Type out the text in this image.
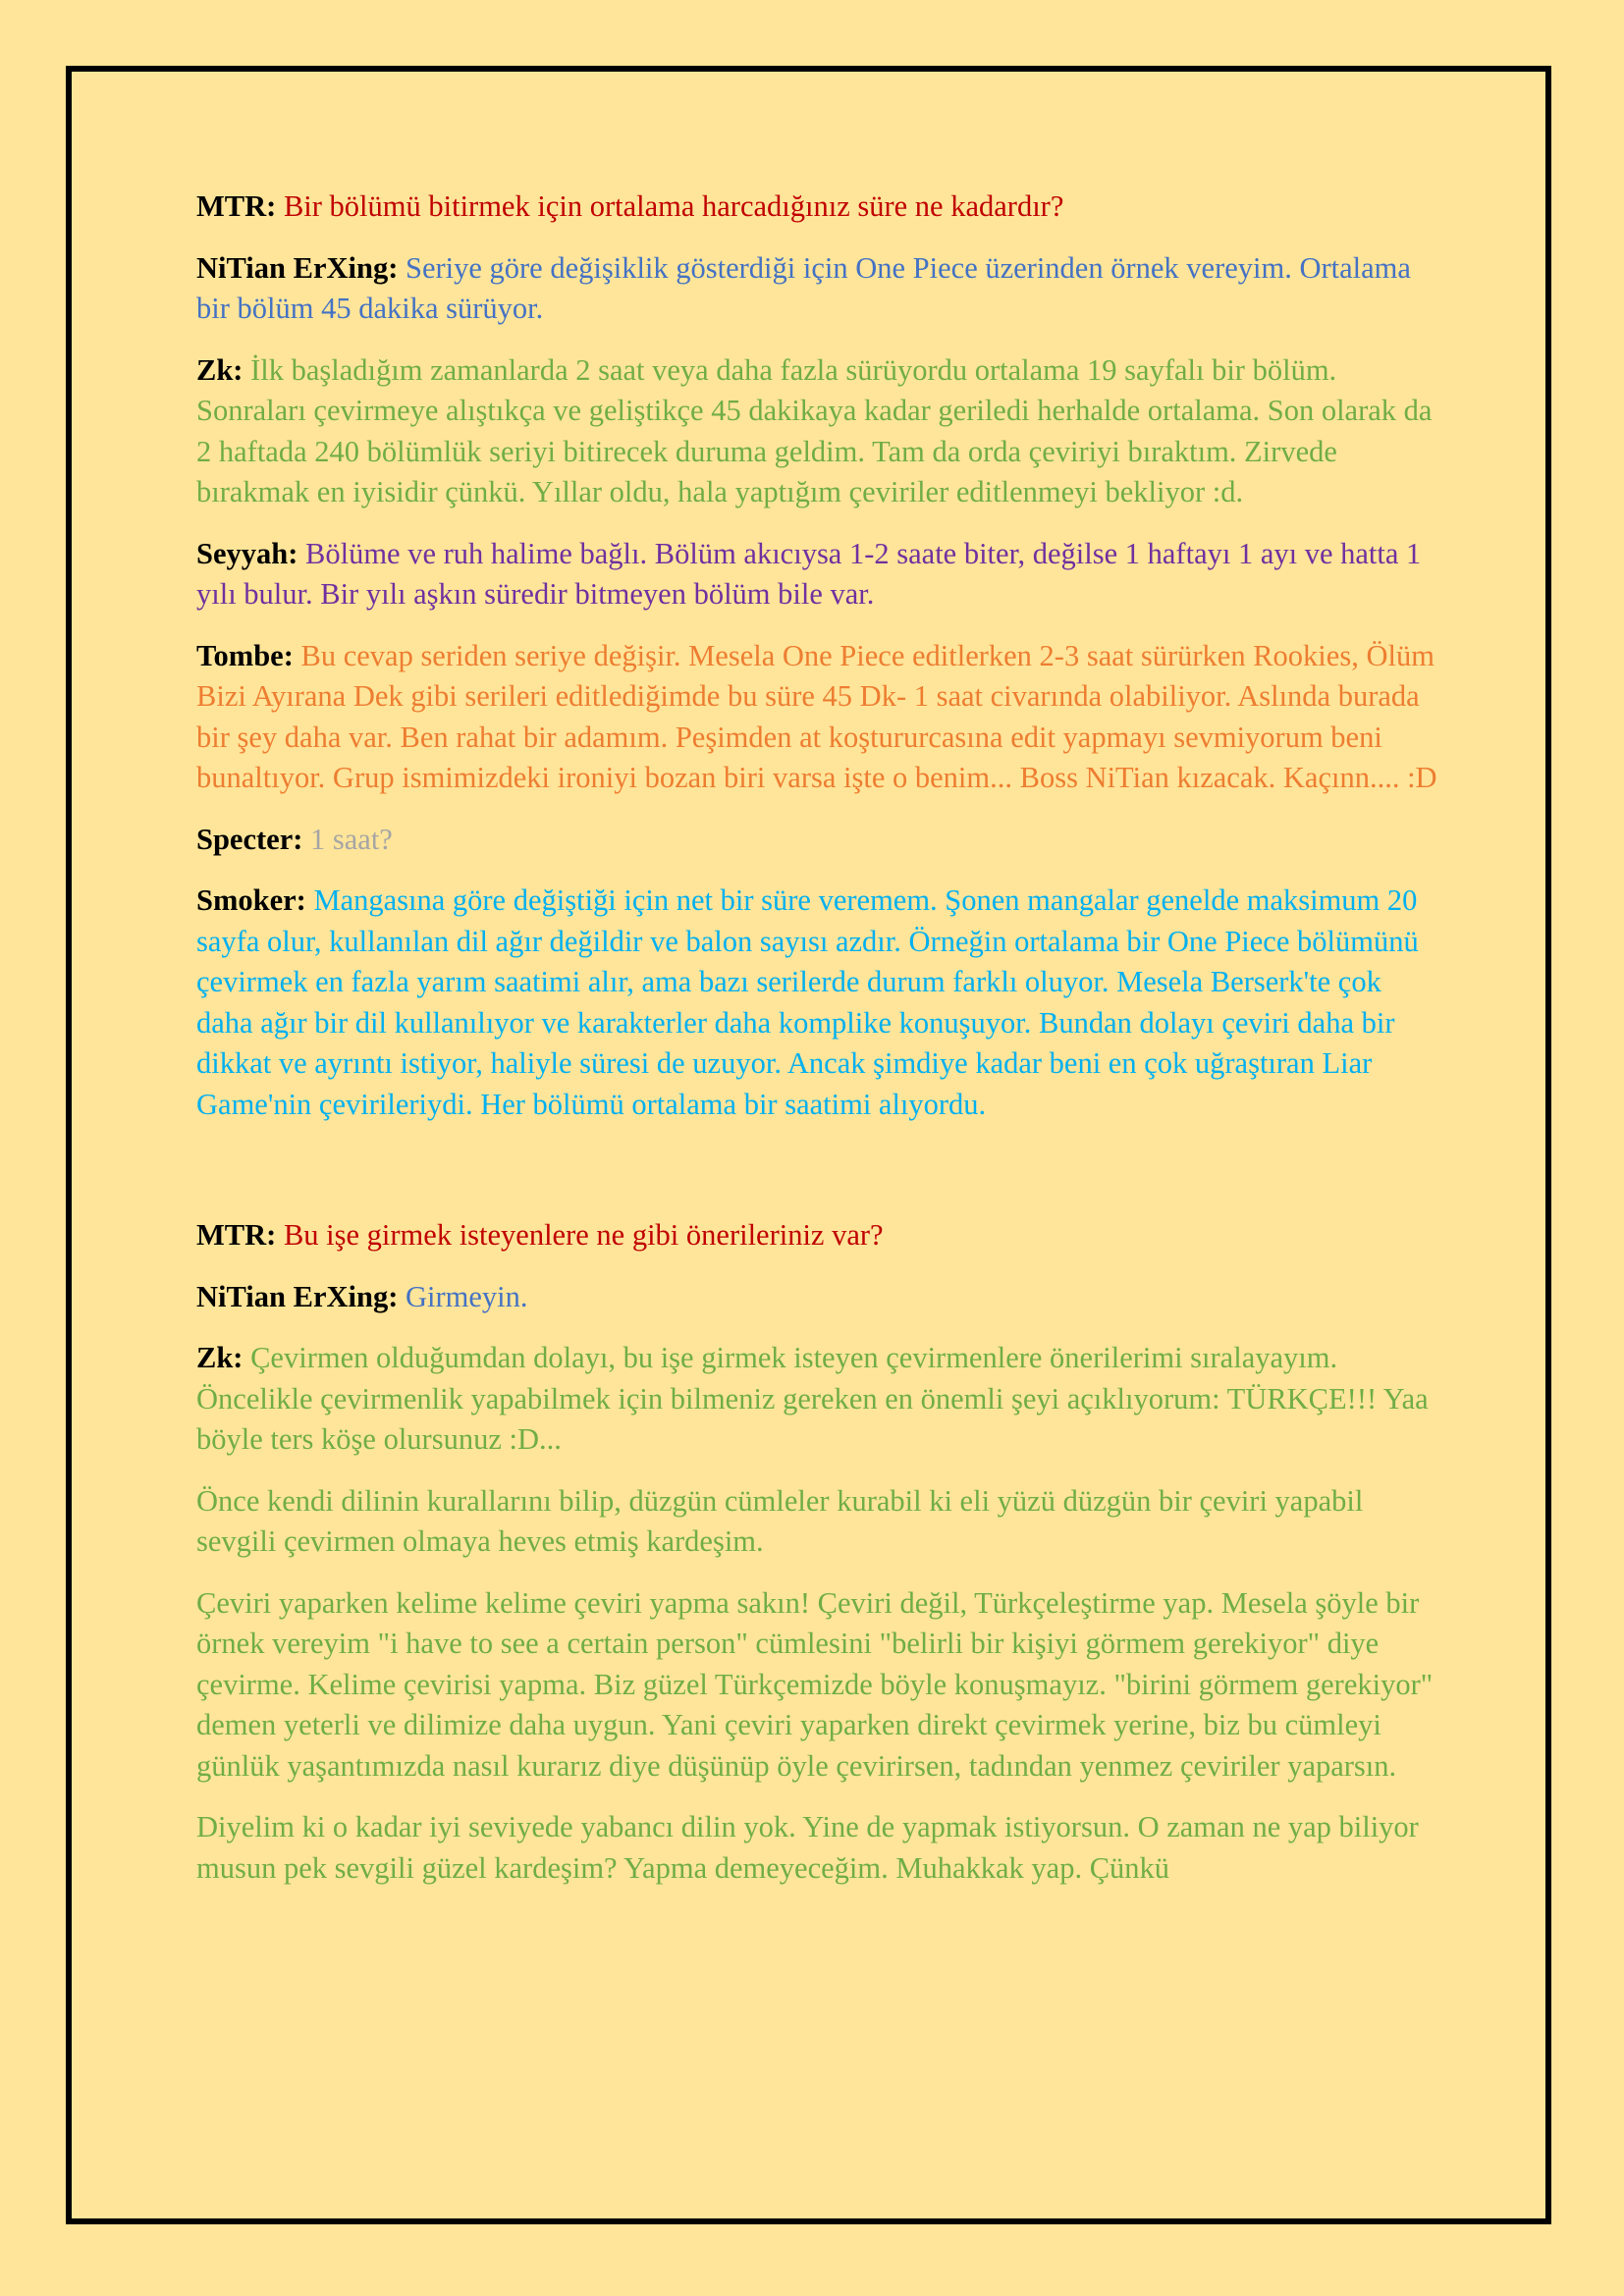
MTR: Bir bölümü bitirmek için ortalama harcadığınız süre ne kadardır?

NiTian ErXing: Seriye göre değişiklik gösterdiği için One Piece üzerinden örnek vereyim. Ortalama bir bölüm 45 dakika sürüyor.

Zk: İlk başladığım zamanlarda 2 saat veya daha fazla sürüyordu ortalama 19 sayfalı bir bölüm. Sonraları çevirmeye alıştıkça ve geliştikçe 45 dakikaya kadar geriledi herhalde ortalama. Son olarak da 2 haftada 240 bölümlük seriyi bitirecek duruma geldim. Tam da orda çeviriyi bıraktım. Zirvede bırakmak en iyisidir çünkü. Yıllar oldu, hala yaptığım çeviriler editlenmeyi bekliyor :d.

Seyyah: Bölüme ve ruh halime bağlı. Bölüm akıcıysa 1-2 saate biter, değilse 1 haftayı 1 ayı ve hatta 1 yılı bulur. Bir yılı aşkın süredir bitmeyen bölüm bile var.

Tombe: Bu cevap seriden seriye değişir. Mesela One Piece editlerken 2-3 saat sürürken Rookies, Ölüm Bizi Ayırana Dek gibi serileri editlediğimde bu süre 45 Dk- 1 saat civarında olabiliyor. Aslında burada bir şey daha var. Ben rahat bir adamım. Peşimden at koştururcasına edit yapmayı sevmiyorum beni bunaltıyor. Grup ismimizdeki ironiyi bozan biri varsa işte o benim... Boss NiTian kızacak. Kaçınn.... :D

Specter: 1 saat?

Smoker: Mangasına göre değiştiği için net bir süre veremem. Şonen mangalar genelde maksimum 20 sayfa olur, kullanılan dil ağır değildir ve balon sayısı azdır. Örneğin ortalama bir One Piece bölümünü çevirmek en fazla yarım saatimi alır, ama bazı serilerde durum farklı oluyor. Mesela Berserk'te çok daha ağır bir dil kullanılıyor ve karakterler daha komplike konuşuyor. Bundan dolayı çeviri daha bir dikkat ve ayrıntı istiyor, haliyle süresi de uzuyor. Ancak şimdiye kadar beni en çok uğraştıran Liar Game'nin çevirileriydi. Her bölümü ortalama bir saatimi alıyordu.

MTR: Bu işe girmek isteyenlere ne gibi önerileriniz var?

NiTian ErXing: Girmeyin.

Zk: Çevirmen olduğumdan dolayı, bu işe girmek isteyen çevirmenlere önerilerimi sıralayayım. Öncelikle çevirmenlik yapabilmek için bilmeniz gereken en önemli şeyi açıklıyorum: TÜRKÇE!!! Yaa böyle ters köşe olursunuz :D...

Önce kendi dilinin kurallarını bilip, düzgün cümleler kurabil ki eli yüzü düzgün bir çeviri yapabil sevgili çevirmen olmaya heves etmiş kardeşim.

Çeviri yaparken kelime kelime çeviri yapma sakın! Çeviri değil, Türkçeleştirme yap. Mesela şöyle bir örnek vereyim "i have to see a certain person" cümlesini "belirli bir kişiyi görmem gerekiyor" diye çevirme. Kelime çevirisi yapma. Biz güzel Türkçemizde böyle konuşmayız. "birini görmem gerekiyor" demen yeterli ve dilimize daha uygun. Yani çeviri yaparken direkt çevirmek yerine, biz bu cümleyi günlük yaşantımızda nasıl kurarız diye düşünüp öyle çevirirsen, tadından yenmez çeviriler yaparsın.

Diyelim ki o kadar iyi seviyede yabancı dilin yok. Yine de yapmak istiyorsun. O zaman ne yap biliyor musun pek sevgili güzel kardeşim? Yapma demeyeceğim. Muhakkak yap. Çünkü
